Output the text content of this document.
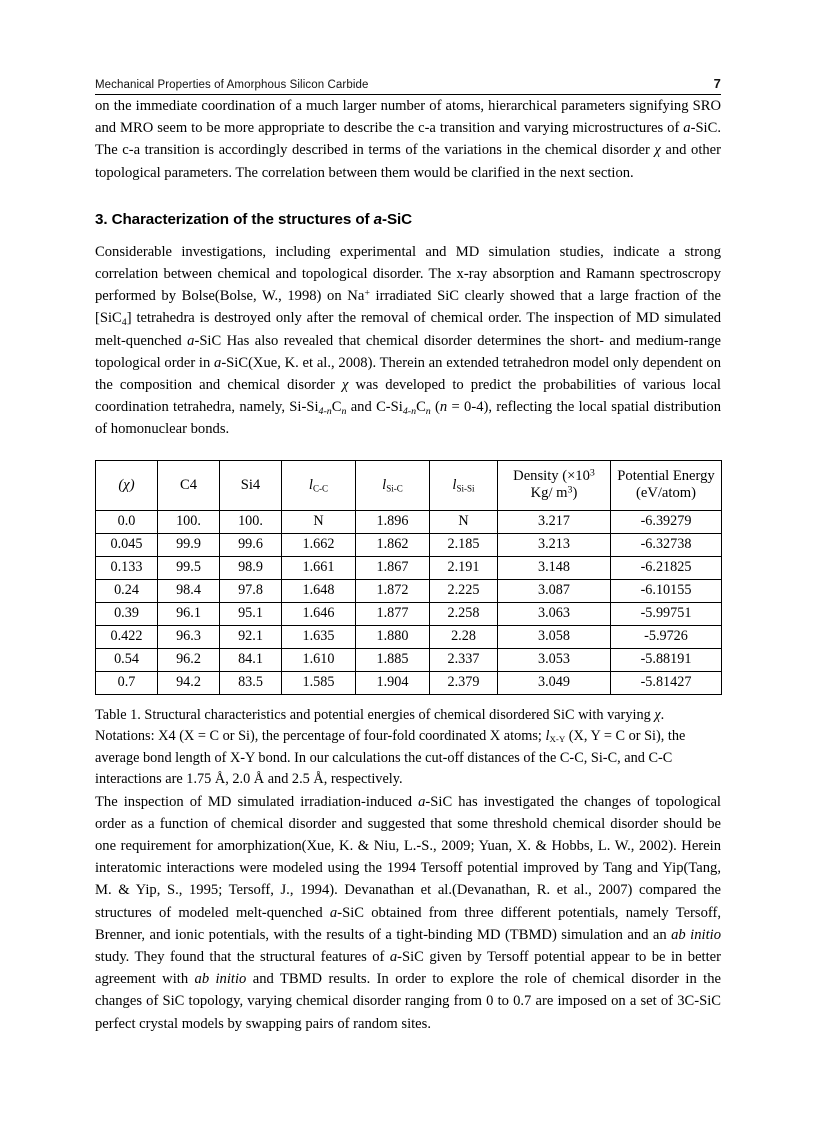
Mechanical Properties of Amorphous Silicon Carbide	7

on the immediate coordination of a much larger number of atoms, hierarchical parameters signifying SRO and MRO seem to be more appropriate to describe the c-a transition and varying microstructures of a-SiC. The c-a transition is accordingly described in terms of the variations in the chemical disorder χ and other topological parameters. The correlation between them would be clarified in the next section.

3. Characterization of the structures of a-SiC

Considerable investigations, including experimental and MD simulation studies, indicate a strong correlation between chemical and topological disorder. The x-ray absorption and Ramann spectroscropy performed by Bolse(Bolse, W., 1998) on Na+ irradiated SiC clearly showed that a large fraction of the [SiC$_4$] tetrahedra is destroyed only after the removal of chemical order. The inspection of MD simulated melt-quenched a-SiC Has also revealed that chemical disorder determines the short- and medium-range topological order in a-SiC(Xue, K. et al., 2008). Therein an extended tetrahedron model only dependent on the composition and chemical disorder χ was developed to predict the probabilities of various local coordination tetrahedra, namely, $Si-Si_{4-n}C_n$ and $C-Si_{4-n}C_n$ (n = 0-4), reflecting the local spatial distribution of homonuclear bonds.

(χ)	C4	Si4	$l_{C-C}$	$l_{Si-C}$	$l_{Si-Si}$	Density ($\times 10^3$
Kg/ $m^3$)	Potential Energy
(eV/atom)
0.0	100.	100.	N	1.896	N	3.217	-6.39279
0.045	99.9	99.6	1.662	1.862	2.185	3.213	-6.32738
0.133	99.5	98.9	1.661	1.867	2.191	3.148	-6.21825
0.24	98.4	97.8	1.648	1.872	2.225	3.087	-6.10155
0.39	96.1	95.1	1.646	1.877	2.258	3.063	-5.99751
0.422	96.3	92.1	1.635	1.880	2.28	3.058	-5.9726
0.54	96.2	84.1	1.610	1.885	2.337	3.053	-5.88191
0.7	94.2	83.5	1.585	1.904	2.379	3.049	-5.81427

Table 1. Structural characteristics and potential energies of chemical disordered SiC with varying χ. Notations: X4 (X = C or Si), the percentage of four-fold coordinated X atoms; $l_{X-Y}$ (X, Y = C or Si), the average bond length of X-Y bond. In our calculations the cut-off distances of the C-C, Si-C, and C-C interactions are 1.75 Å, 2.0 Å and 2.5 Å, respectively.

The inspection of MD simulated irradiation-induced a-SiC has investigated the changes of topological order as a function of chemical disorder and suggested that some threshold chemical disorder should be one requirement for amorphization(Xue, K. & Niu, L.-S., 2009; Yuan, X. & Hobbs, L. W., 2002). Herein interatomic interactions were modeled using the 1994 Tersoff potential improved by Tang and Yip(Tang, M. & Yip, S., 1995; Tersoff, J., 1994). Devanathan et al.(Devanathan, R. et al., 2007) compared the structures of modeled melt-quenched a-SiC obtained from three different potentials, namely Tersoff, Brenner, and ionic potentials, with the results of a tight-binding MD (TBMD) simulation and an ab initio study. They found that the structural features of a-SiC given by Tersoff potential appear to be in better agreement with ab initio and TBMD results. In order to explore the role of chemical disorder in the changes of SiC topology, varying chemical disorder ranging from 0 to 0.7 are imposed on a set of 3C-SiC perfect crystal models by swapping pairs of random sites.
